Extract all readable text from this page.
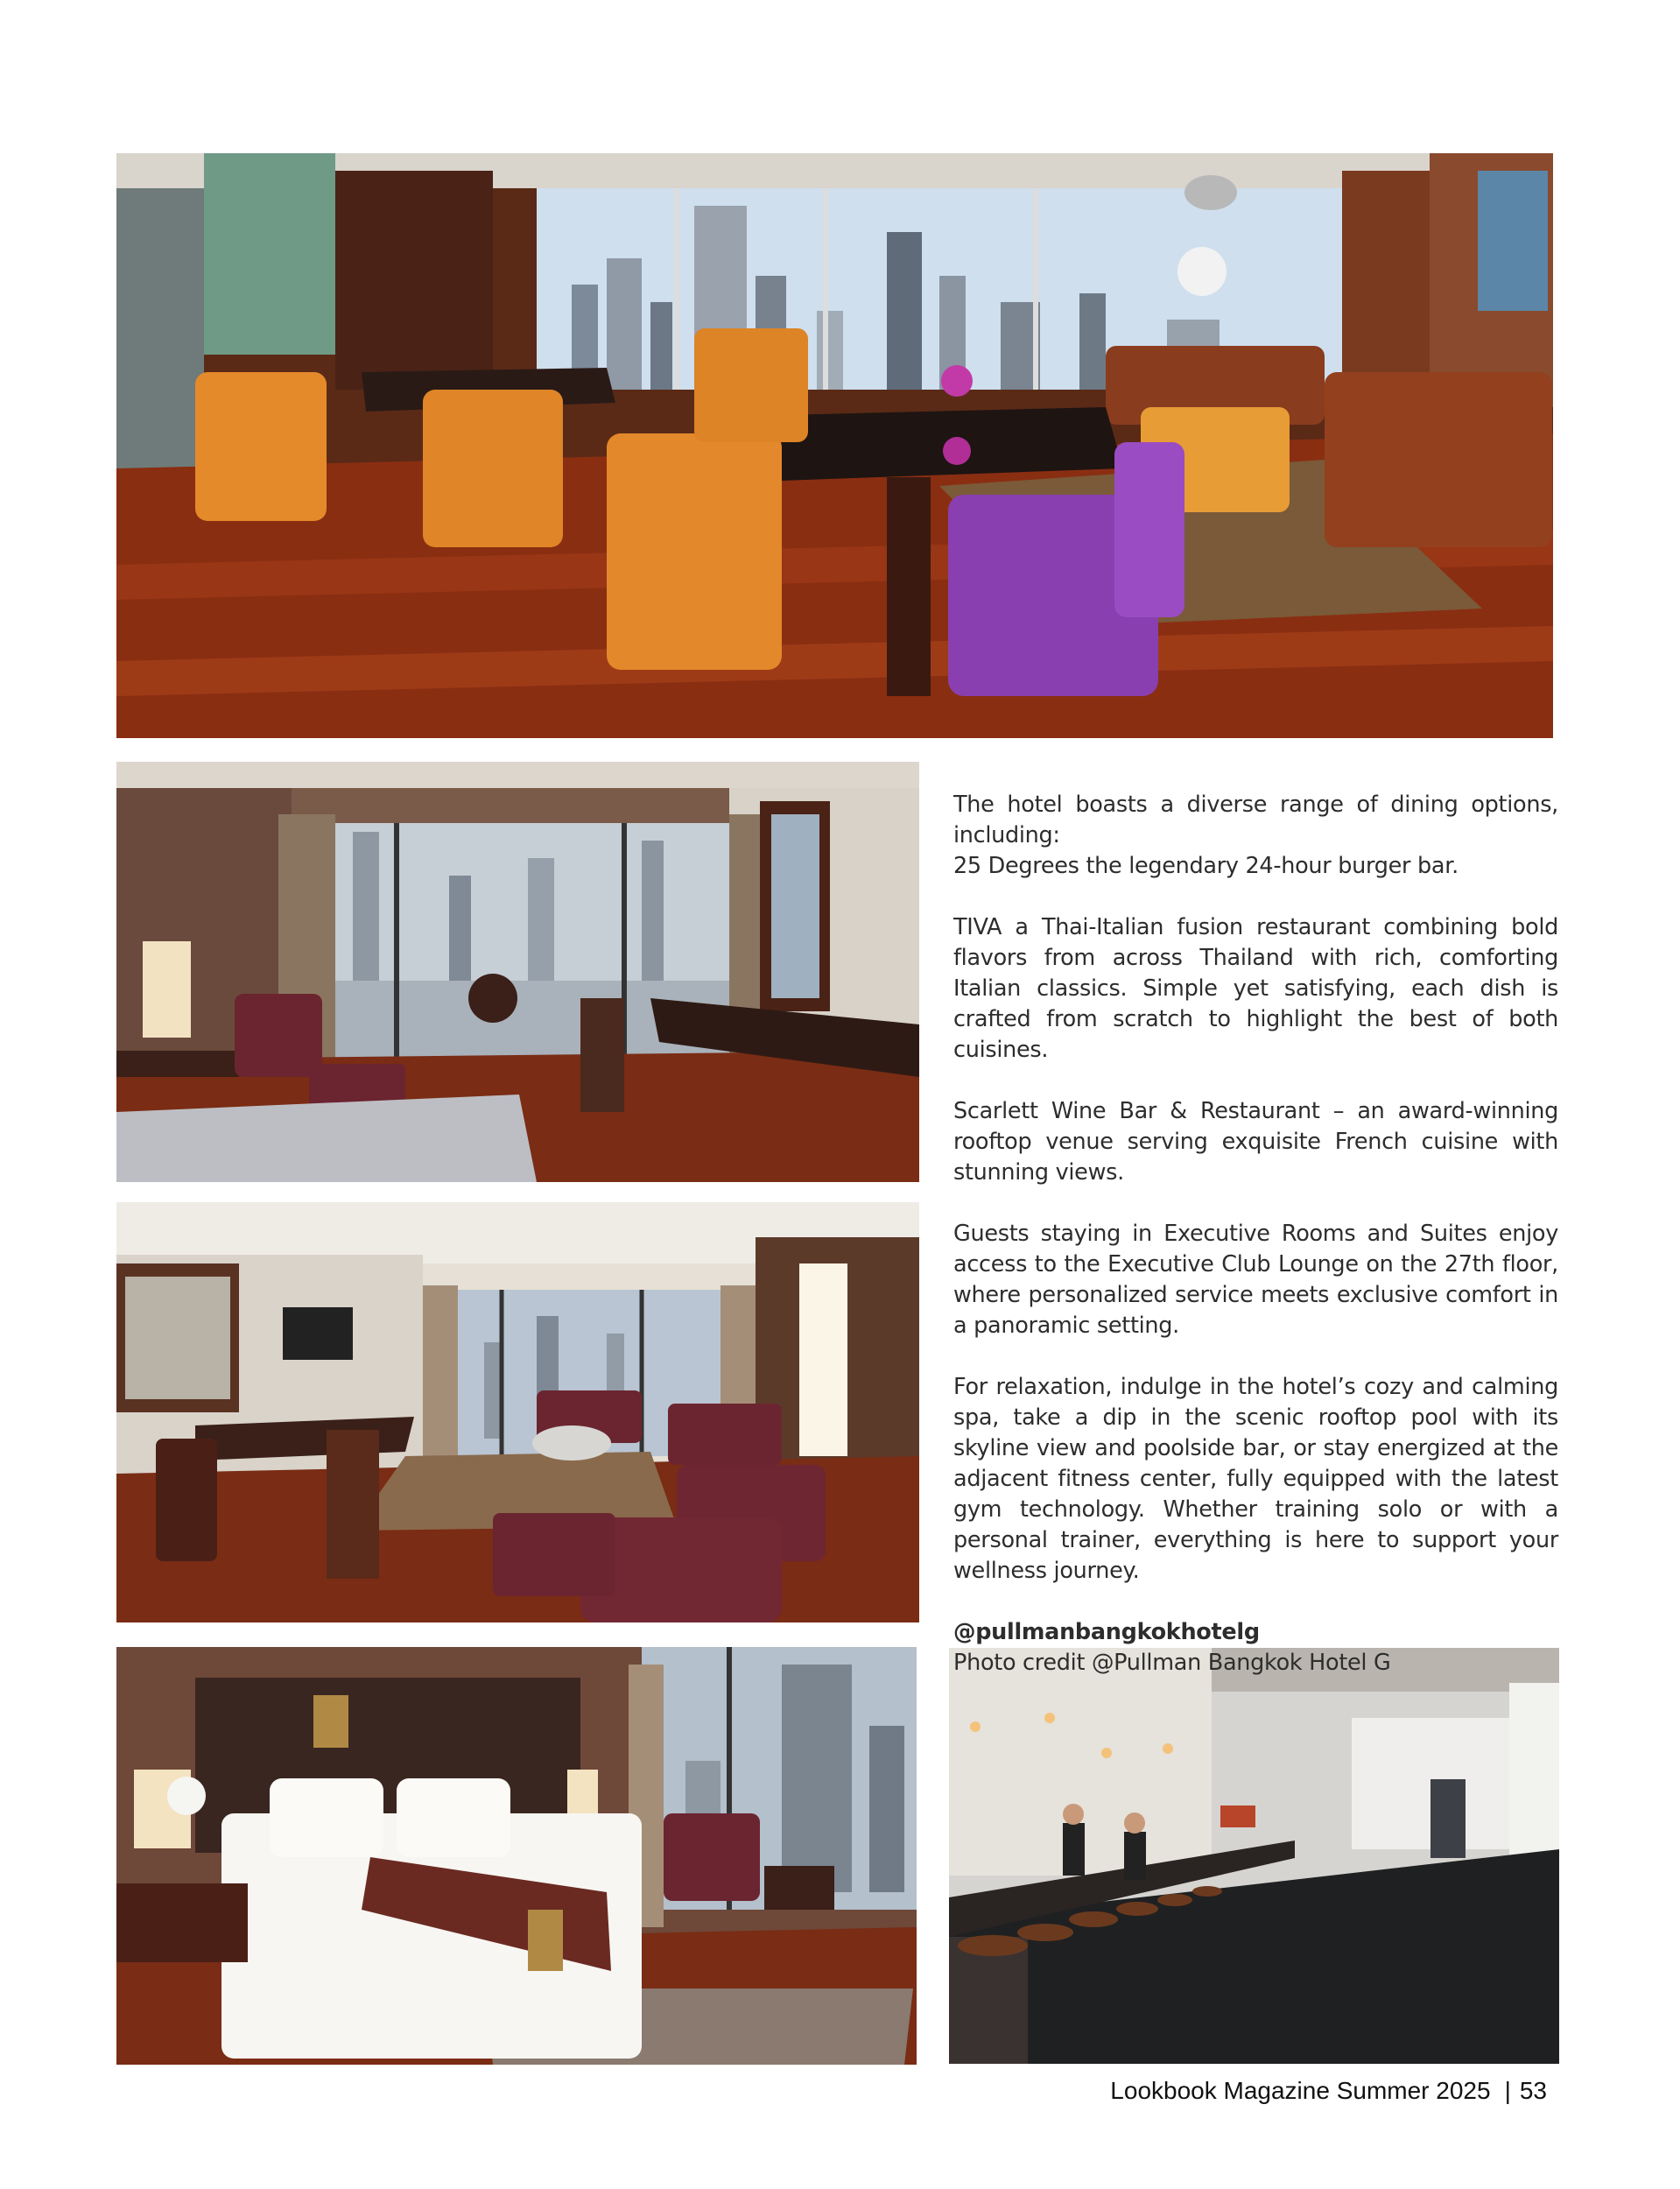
The hotel boasts a diverse range of dining options, including:
25 Degrees the legendary 24-hour burger bar.

TIVA a Thai-Italian fusion restaurant combining bold flavors from across Thailand with rich, comforting Italian classics. Simple yet satisfying, each dish is crafted from scratch to highlight the best of both cuisines.

Scarlett Wine Bar & Restaurant – an award-winning rooftop venue serving exquisite French cuisine with stunning views.

Guests staying in Executive Rooms and Suites enjoy access to the Executive Club Lounge on the 27th floor, where personalized service meets exclusive comfort in a panoramic setting.

For relaxation, indulge in the hotel’s cozy and calming spa, take a dip in the scenic rooftop pool with its skyline view and poolside bar, or stay energized at the adjacent fitness center, fully equipped with the latest gym technology. Whether training solo or with a personal trainer, everything is here to support your wellness journey.

@pullmanbangkokhotelg
Photo credit @Pullman Bangkok Hotel G

Lookbook Magazine Summer 2025 | 53
